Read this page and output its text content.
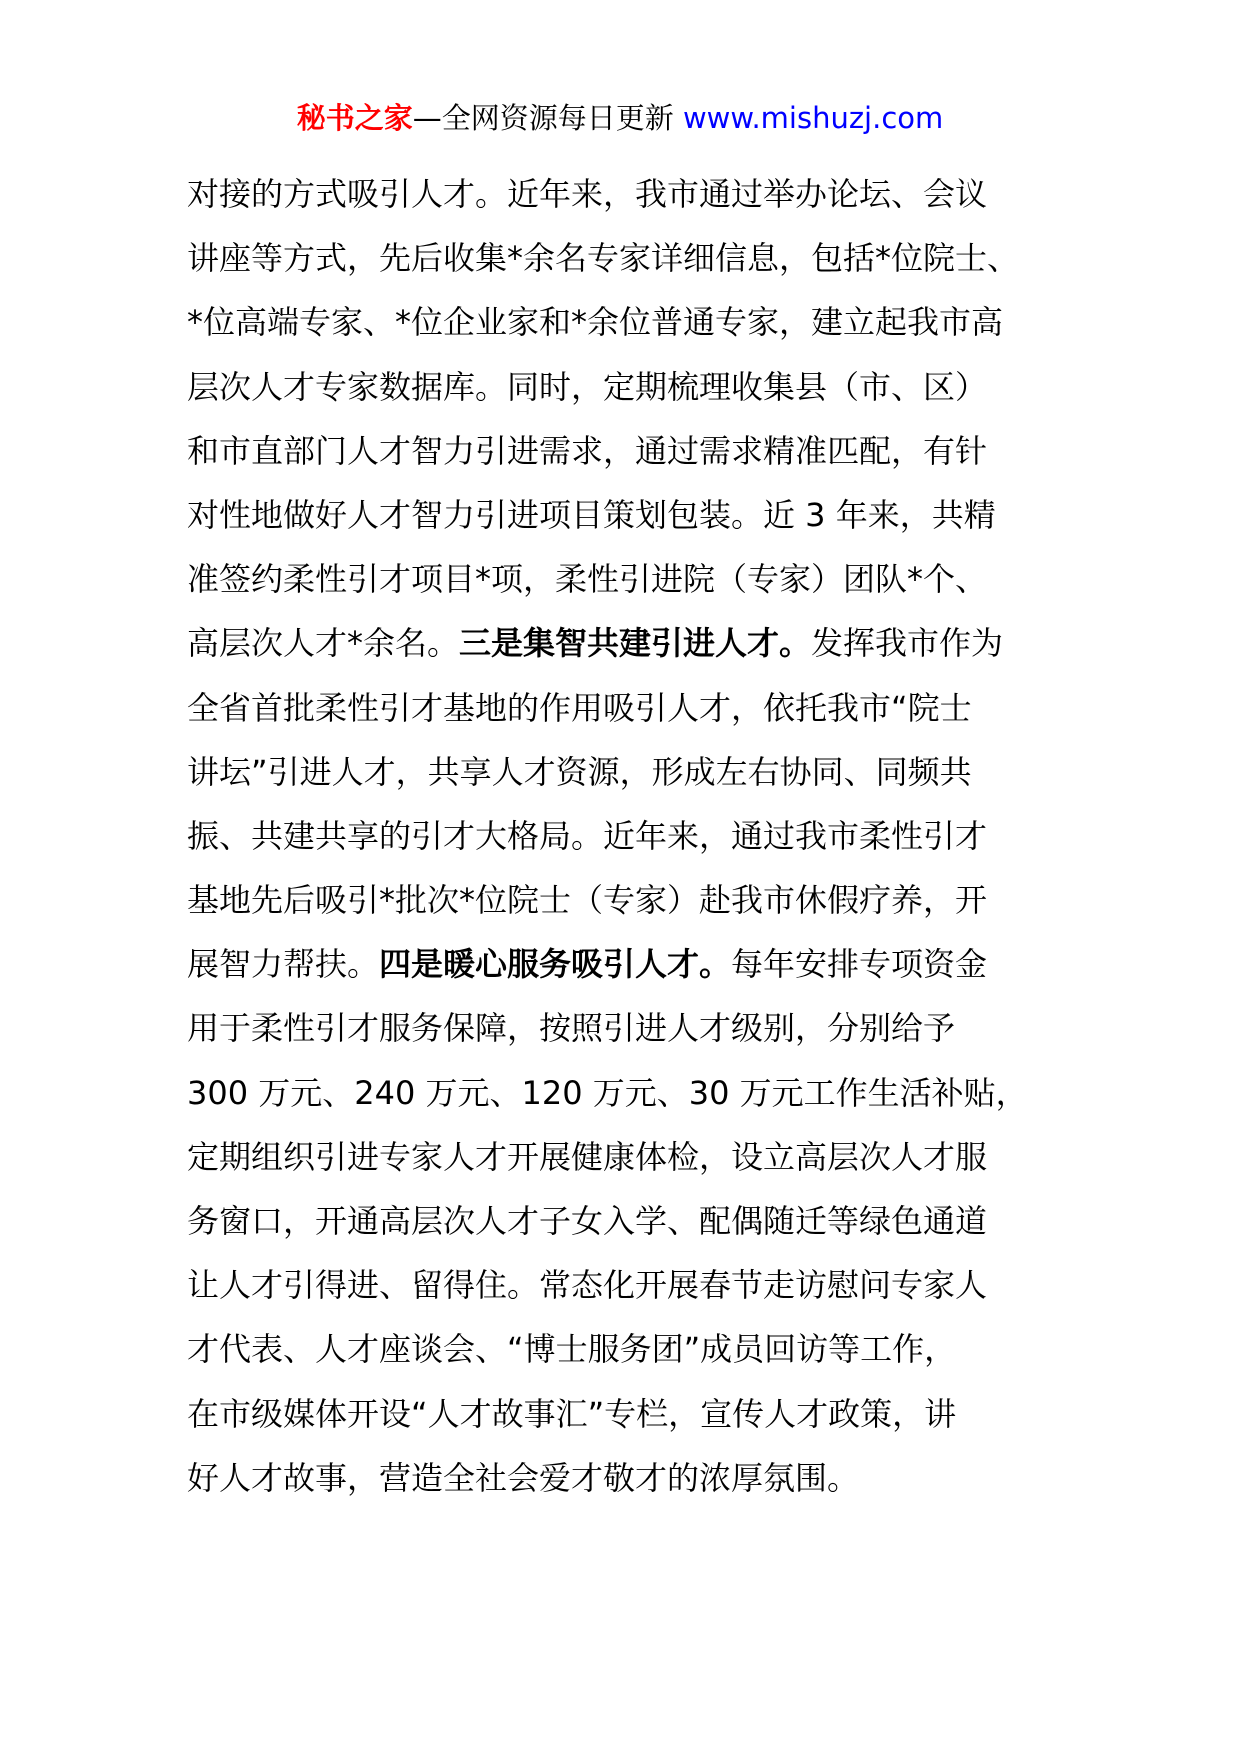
秘书之家—全网资源每日更新 www.mishuzj.com
对接的方式吸引人才。近年来，我市通过举办论坛、会议
讲座等方式，先后收集*余名专家详细信息，包括*位院士、
*位高端专家、*位企业家和*余位普通专家，建立起我市高
层次人才专家数据库。同时，定期梳理收集县（市、区）
和市直部门人才智力引进需求，通过需求精准匹配，有针
对性地做好人才智力引进项目策划包装。近 3 年来，共精
准签约柔性引才项目*项，柔性引进院（专家）团队*个、
高层次人才*余名。三是集智共建引进人才。发挥我市作为
全省首批柔性引才基地的作用吸引人才，依托我市“院士
讲坛”引进人才，共享人才资源，形成左右协同、同频共
振、共建共享的引才大格局。近年来，通过我市柔性引才
基地先后吸引*批次*位院士（专家）赴我市休假疗养，开
展智力帮扶。四是暖心服务吸引人才。每年安排专项资金
用于柔性引才服务保障，按照引进人才级别，分别给予
300 万元、240 万元、120 万元、30 万元工作生活补贴，
定期组织引进专家人才开展健康体检，设立高层次人才服
务窗口，开通高层次人才子女入学、配偶随迁等绿色通道
让人才引得进、留得住。常态化开展春节走访慰问专家人
才代表、人才座谈会、“博士服务团”成员回访等工作，
在市级媒体开设“人才故事汇”专栏，宣传人才政策，讲
好人才故事，营造全社会爱才敬才的浓厚氛围。
